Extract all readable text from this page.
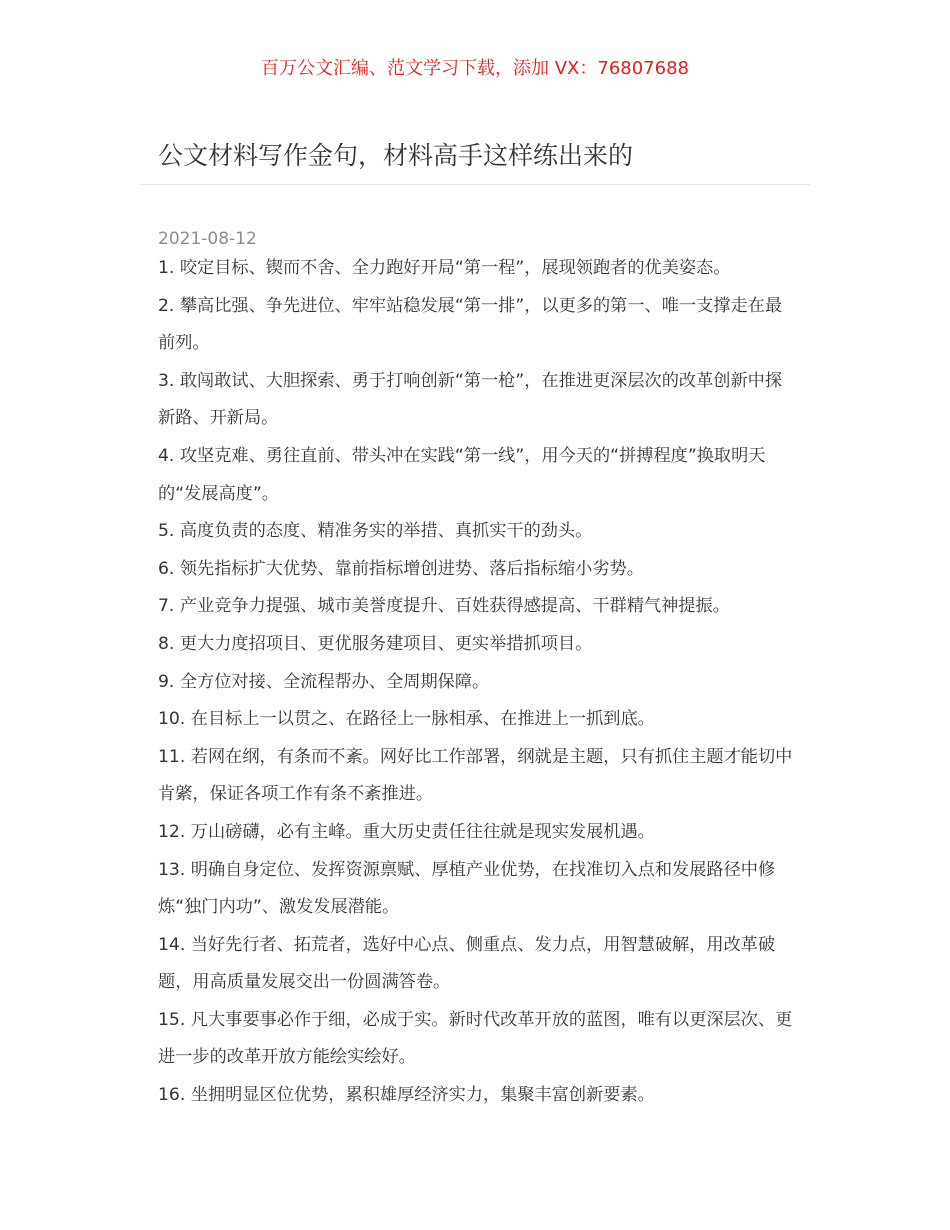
百万公文汇编、范文学习下载，添加 VX：76807688
公文材料写作金句，材料高手这样练出来的
2021-08-12
1. 咬定目标、锲而不舍、全力跑好开局“第一程”，展现领跑者的优美姿态。
2. 攀高比强、争先进位、牢牢站稳发展“第一排”，以更多的第一、唯一支撑走在最前列。
3. 敢闯敢试、大胆探索、勇于打响创新“第一枪”，在推进更深层次的改革创新中探新路、开新局。
4. 攻坚克难、勇往直前、带头冲在实践“第一线”，用今天的“拼搏程度”换取明天的“发展高度”。
5. 高度负责的态度、精准务实的举措、真抓实干的劲头。
6. 领先指标扩大优势、靠前指标增创进势、落后指标缩小劣势。
7. 产业竞争力提强、城市美誉度提升、百姓获得感提高、干群精气神提振。
8. 更大力度招项目、更优服务建项目、更实举措抓项目。
9. 全方位对接、全流程帮办、全周期保障。
10. 在目标上一以贯之、在路径上一脉相承、在推进上一抓到底。
11. 若网在纲，有条而不紊。网好比工作部署，纲就是主题，只有抓住主题才能切中肯綮，保证各项工作有条不紊推进。
12. 万山磅礴，必有主峰。重大历史责任往往就是现实发展机遇。
13. 明确自身定位、发挥资源禀赋、厚植产业优势，在找准切入点和发展路径中修炼“独门内功”、激发发展潜能。
14. 当好先行者、拓荒者，选好中心点、侧重点、发力点，用智慧破解，用改革破题，用高质量发展交出一份圆满答卷。
15. 凡大事要事必作于细，必成于实。新时代改革开放的蓝图，唯有以更深层次、更进一步的改革开放方能绘实绘好。
16. 坐拥明显区位优势，累积雄厚经济实力，集聚丰富创新要素。
